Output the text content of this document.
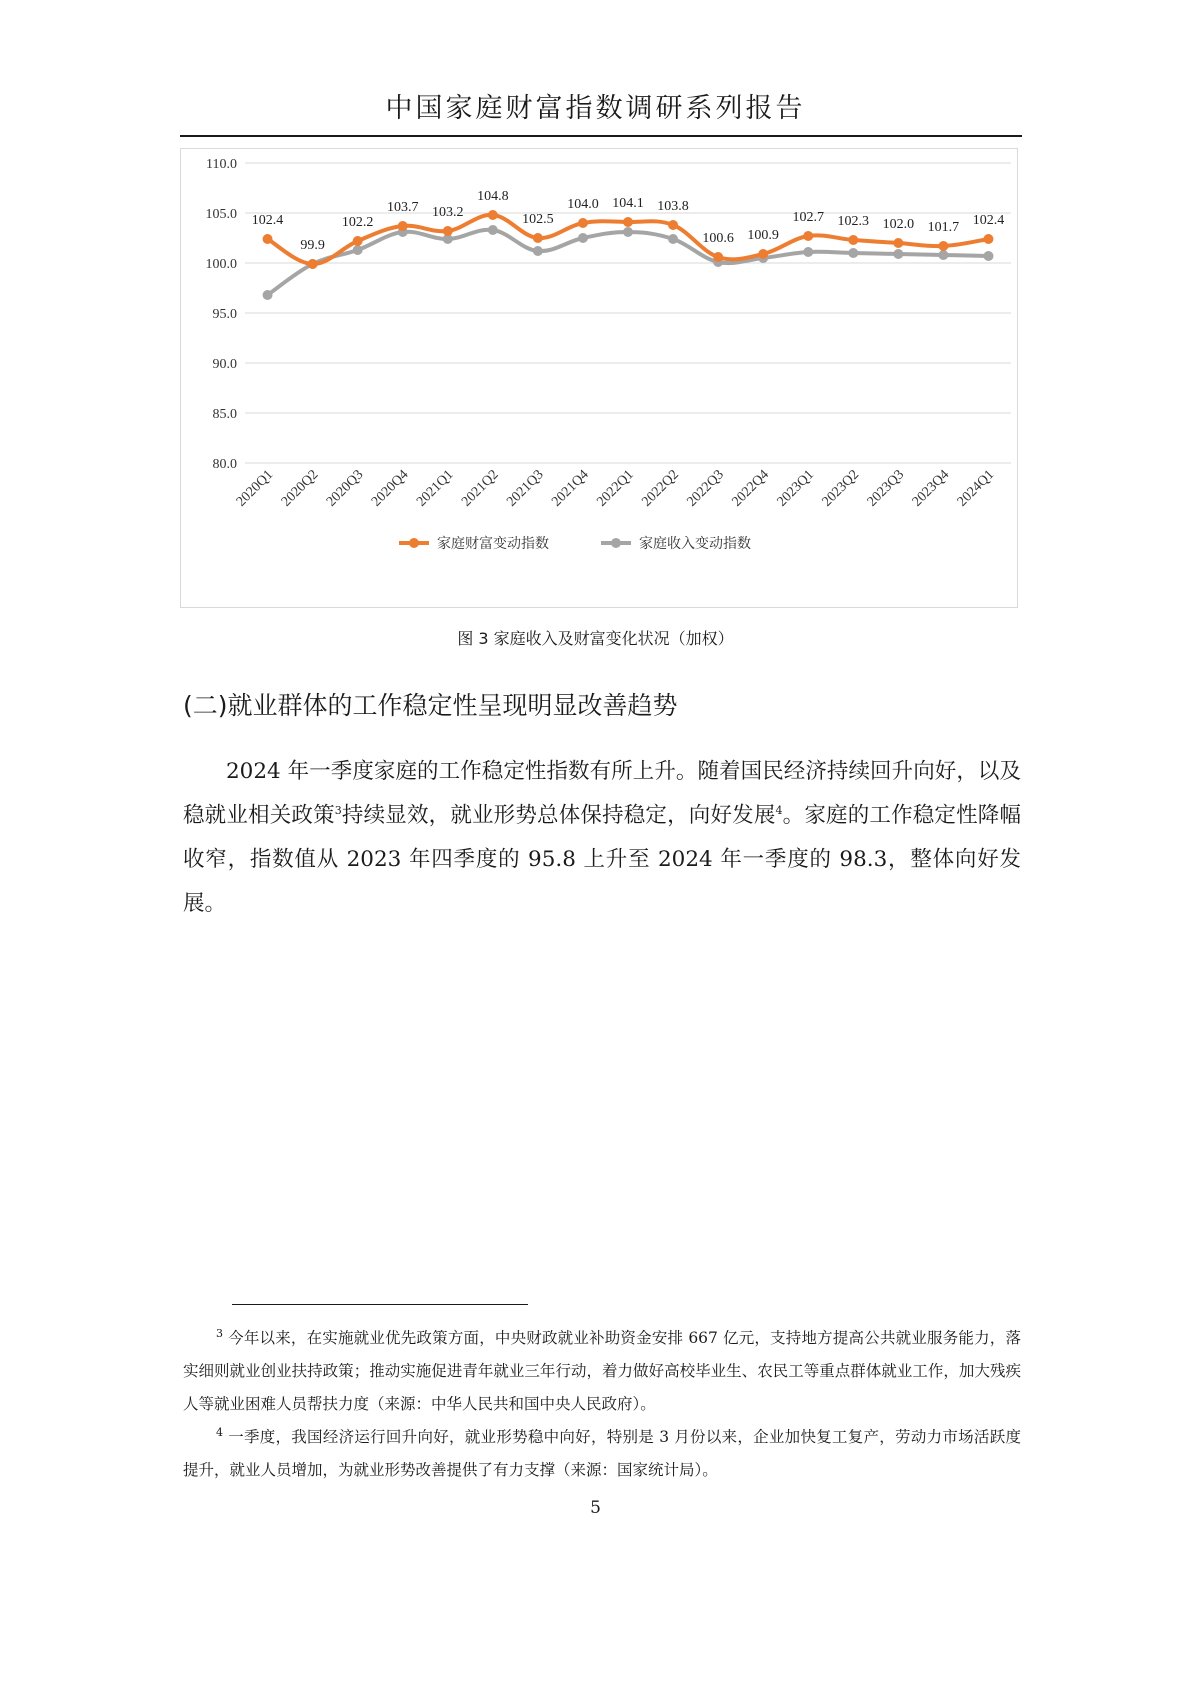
中国家庭财富指数调研系列报告
110.0
105.0
100.0
95.0
90.0
85.0
80.0
2020Q1 2020Q2 2020Q3 2020Q4 2021Q1 2021Q2 2021Q3 2021Q4 2022Q1 2022Q2 2022Q3 2022Q4 2023Q1 2023Q2 2023Q3 2023Q4 2024Q1
102.4
99.9
102.2
103.7 103.2
104.8
102.5
104.0 104.1 103.8
100.6 100.9
102.7 102.3 102.0 101.7 102.4
家庭财富变动指数	家庭收入变动指数
图 3 家庭收入及财富变化状况（加权）
(二)就业群体的工作稳定性呈现明显改善趋势

2024 年一季度家庭的工作稳定性指数有所上升。随着国民经济持续回升向好，以及稳就业相关政策$^3$持续显效，就业形势总体保持稳定，向好发展$^4$。家庭的工作稳定性降幅收窄，指数值从 2023 年四季度的 95.8 上升至 2024 年一季度的 98.3，整体向好发展。

$^3$ 今年以来，在实施就业优先政策方面，中央财政就业补助资金安排 667 亿元，支持地方提高公共就业服务能力，落实细则就业创业扶持政策；推动实施促进青年就业三年行动，着力做好高校毕业生、农民工等重点群体就业工作，加大残疾人等就业困难人员帮扶力度（来源：中华人民共和国中央人民政府）。

$^4$ 一季度，我国经济运行回升向好，就业形势稳中向好，特别是 3 月份以来，企业加快复工复产，劳动力市场活跃度提升，就业人员增加，为就业形势改善提供了有力支撑（来源：国家统计局）。

5
